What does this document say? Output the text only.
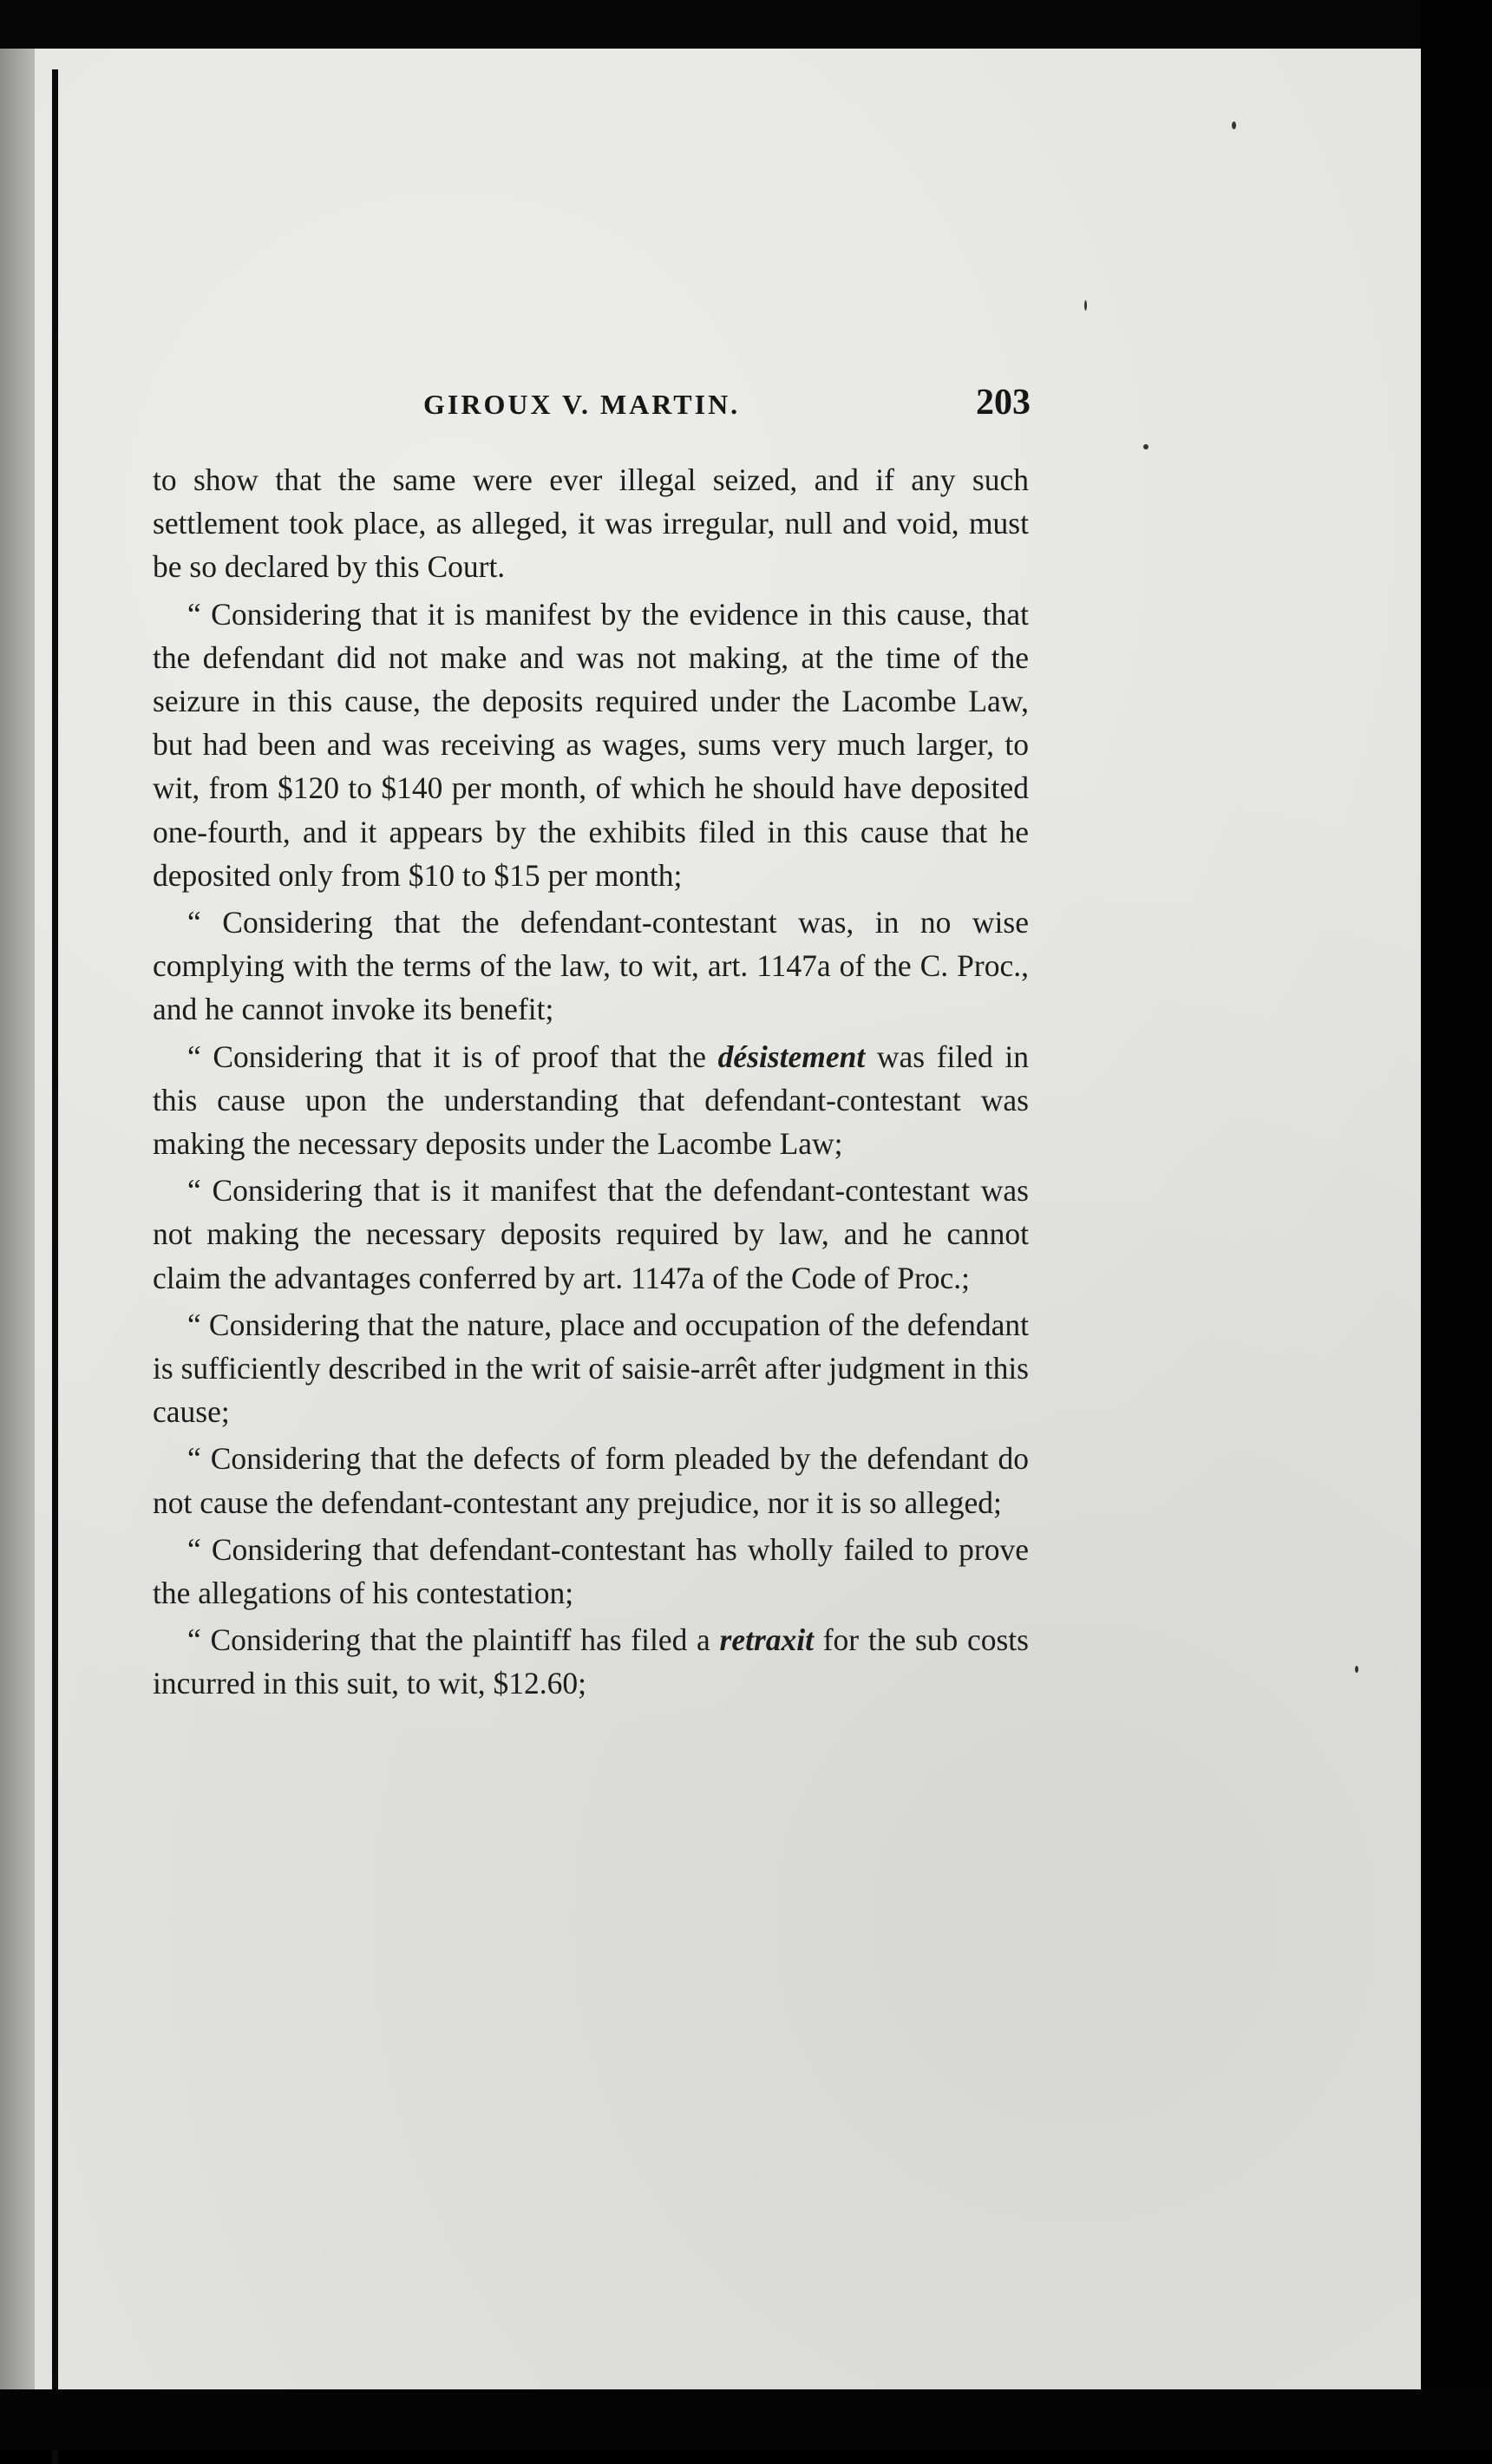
GIROUX V. MARTIN.	203

to show that the same were ever illegal seized, and if any such settlement took place, as alleged, it was irregular, null and void, must be so declared by this Court.

“ Considering that it is manifest by the evidence in this cause, that the defendant did not make and was not making, at the time of the seizure in this cause, the deposits required under the Lacombe Law, but had been and was receiving as wages, sums very much larger, to wit, from $120 to $140 per month, of which he should have deposited one-fourth, and it appears by the exhibits filed in this cause that he deposited only from $10 to $15 per month;

“ Considering that the defendant-contestant was, in no wise complying with the terms of the law, to wit, art. 1147a of the C. Proc., and he cannot invoke its benefit;

“ Considering that it is of proof that the désistement was filed in this cause upon the understanding that defendant-contestant was making the necessary deposits under the Lacombe Law;

“ Considering that is it manifest that the defendant-contestant was not making the necessary deposits required by law, and he cannot claim the advantages conferred by art. 1147a of the Code of Proc.;

“ Considering that the nature, place and occupation of the defendant is sufficiently described in the writ of saisie-arrêt after judgment in this cause;

“ Considering that the defects of form pleaded by the defendant do not cause the defendant-contestant any prejudice, nor it is so alleged;

“ Considering that defendant-contestant has wholly failed to prove the allegations of his contestation;

“ Considering that the plaintiff has filed a retraxit for the sub costs incurred in this suit, to wit, $12.60;
